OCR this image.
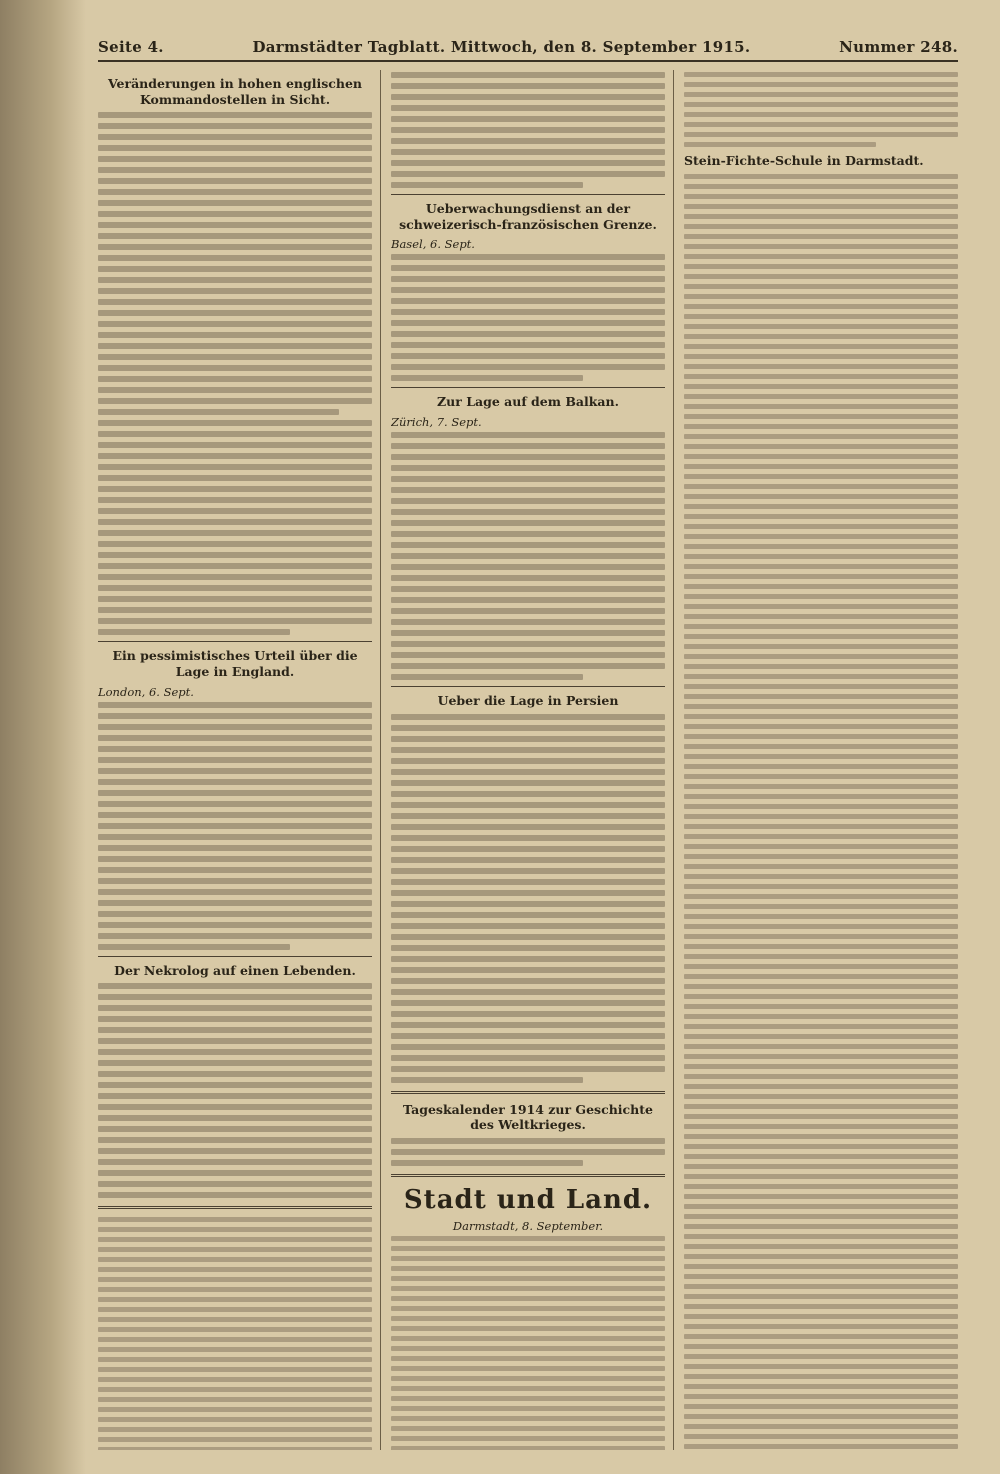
Seite 4.	Darmstädter Tagblatt. Mittwoch, den 8. September 1915.	Nummer 248.
Veränderungen in hohen englischen Kommandostellen in Sicht.
Ein pessimistisches Urteil über die Lage in England.
London, 6. Sept.
Der Nekrolog auf einen Lebenden.
Ueberwachungsdienst an der schweizerisch-französischen Grenze.
Basel, 6. Sept.
Zur Lage auf dem Balkan.
Zürich, 7. Sept.
Ueber die Lage in Persien
Tageskalender 1914 zur Geschichte des Weltkrieges.
Stadt und Land.
Darmstadt, 8. September.
Stein-Fichte-Schule in Darmstadt.
